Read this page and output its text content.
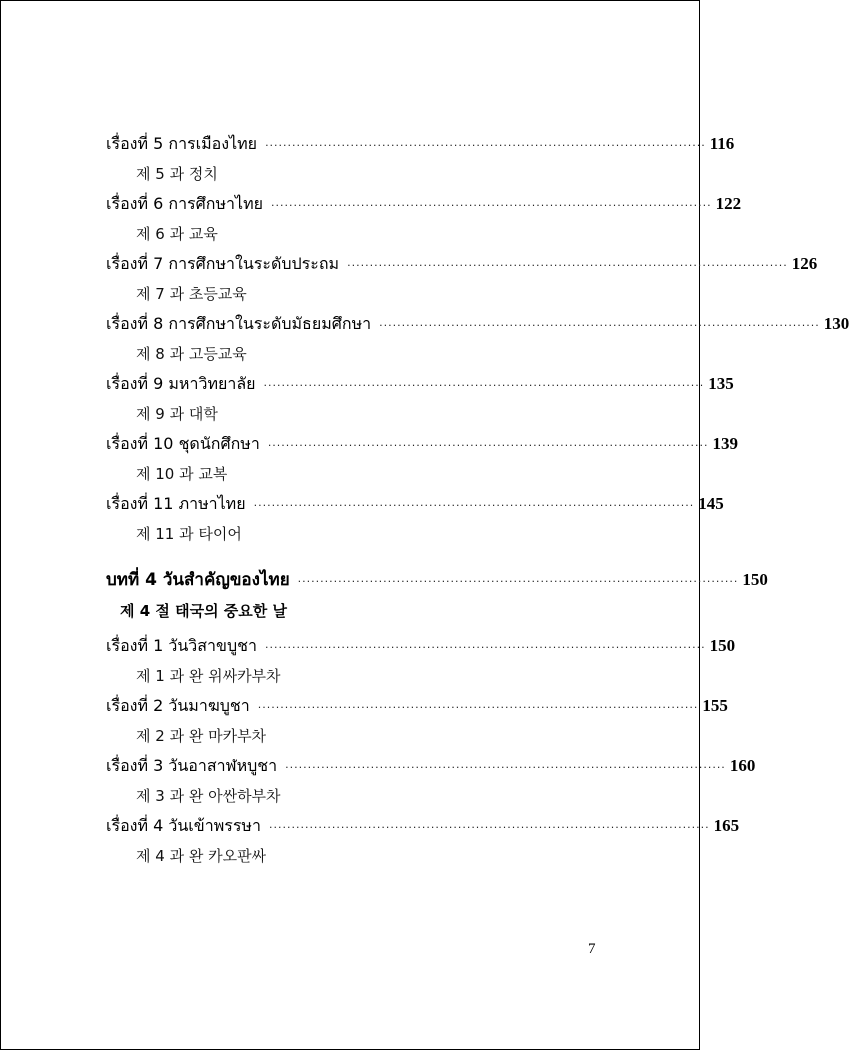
เรื่องที่ 5 การเมืองไทย ·································································································· 116
제 5 과 정치
เรื่องที่ 6 การศึกษาไทย ·································································································· 122
제 6 과 교육
เรื่องที่ 7 การศึกษาในระดับประถม ·································································································· 126
제 7 과 초등교육
เรื่องที่ 8 การศึกษาในระดับมัธยมศึกษา ·································································································· 130
제 8 과 고등교육
เรื่องที่ 9 มหาวิทยาลัย ·································································································· 135
제 9 과 대학
เรื่องที่ 10 ชุดนักศึกษา ·································································································· 139
제 10 과 교복
เรื่องที่ 11 ภาษาไทย ·································································································· 145
제 11 과 타이어
บทที่ 4 วันสำคัญของไทย ·································································································· 150
제 4 절 태국의 중요한 날
เรื่องที่ 1 วันวิสาขบูชา ·································································································· 150
제 1 과 완 위싸카부차
เรื่องที่ 2 วันมาฆบูชา ·································································································· 155
제 2 과 완 마카부차
เรื่องที่ 3 วันอาสาฬหบูชา ·································································································· 160
제 3 과 완 아싼하부차
เรื่องที่ 4 วันเข้าพรรษา ·································································································· 165
제 4 과 완 카오판싸
7
